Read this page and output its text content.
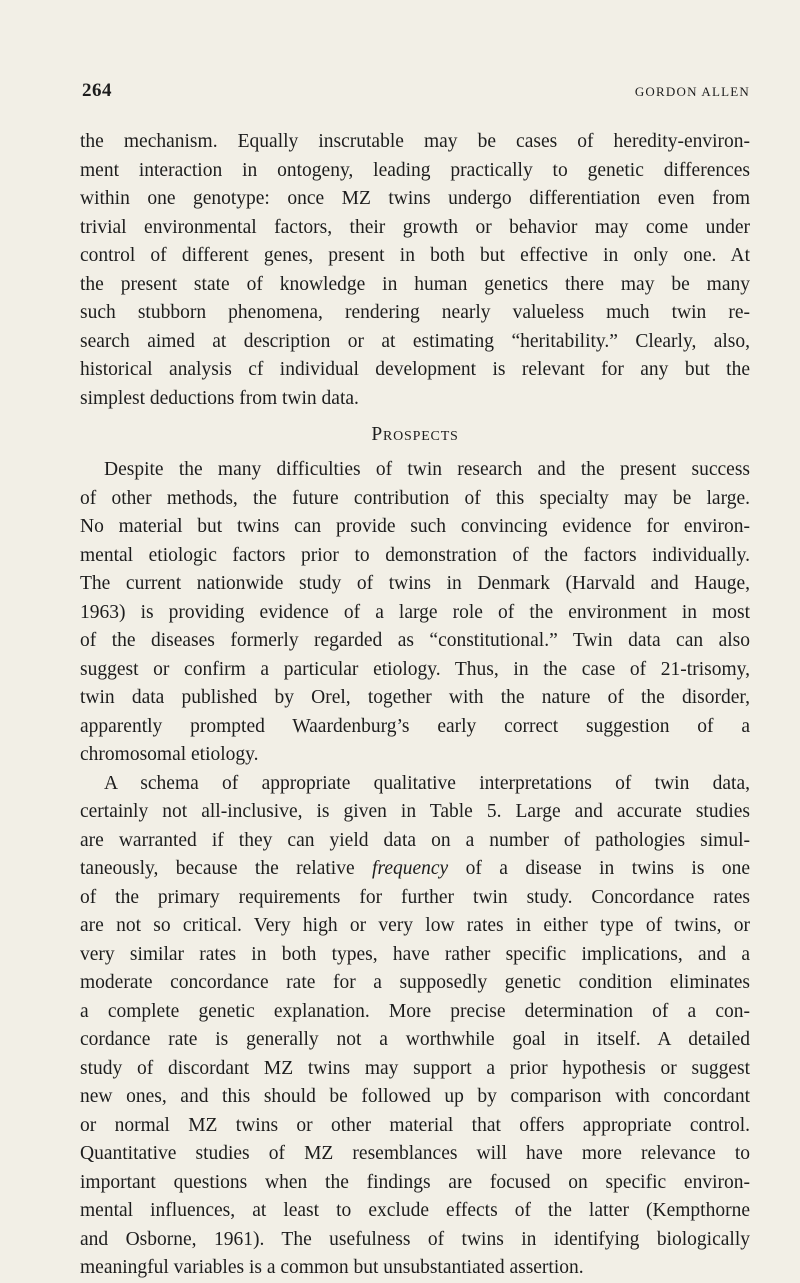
264	GORDON ALLEN
the mechanism. Equally inscrutable may be cases of heredity-environ-
ment interaction in ontogeny, leading practically to genetic differences
within one genotype: once MZ twins undergo differentiation even from
trivial environmental factors, their growth or behavior may come under
control of different genes, present in both but effective in only one. At
the present state of knowledge in human genetics there may be many
such stubborn phenomena, rendering nearly valueless much twin re-
search aimed at description or at estimating “heritability.” Clearly, also,
historical analysis cf individual development is relevant for any but the
simplest deductions from twin data.
Prospects
Despite the many difficulties of twin research and the present success
of other methods, the future contribution of this specialty may be large.
No material but twins can provide such convincing evidence for environ-
mental etiologic factors prior to demonstration of the factors individually.
The current nationwide study of twins in Denmark (Harvald and Hauge,
1963) is providing evidence of a large role of the environment in most
of the diseases formerly regarded as “constitutional.” Twin data can also
suggest or confirm a particular etiology. Thus, in the case of 21-trisomy,
twin data published by Orel, together with the nature of the disorder,
apparently prompted Waardenburg’s early correct suggestion of a
chromosomal etiology.
A schema of appropriate qualitative interpretations of twin data,
certainly not all-inclusive, is given in Table 5. Large and accurate studies
are warranted if they can yield data on a number of pathologies simul-
taneously, because the relative frequency of a disease in twins is one
of the primary requirements for further twin study. Concordance rates
are not so critical. Very high or very low rates in either type of twins, or
very similar rates in both types, have rather specific implications, and a
moderate concordance rate for a supposedly genetic condition eliminates
a complete genetic explanation. More precise determination of a con-
cordance rate is generally not a worthwhile goal in itself. A detailed
study of discordant MZ twins may support a prior hypothesis or suggest
new ones, and this should be followed up by comparison with concordant
or normal MZ twins or other material that offers appropriate control.
Quantitative studies of MZ resemblances will have more relevance to
important questions when the findings are focused on specific environ-
mental influences, at least to exclude effects of the latter (Kempthorne
and Osborne, 1961). The usefulness of twins in identifying biologically
meaningful variables is a common but unsubstantiated assertion.
